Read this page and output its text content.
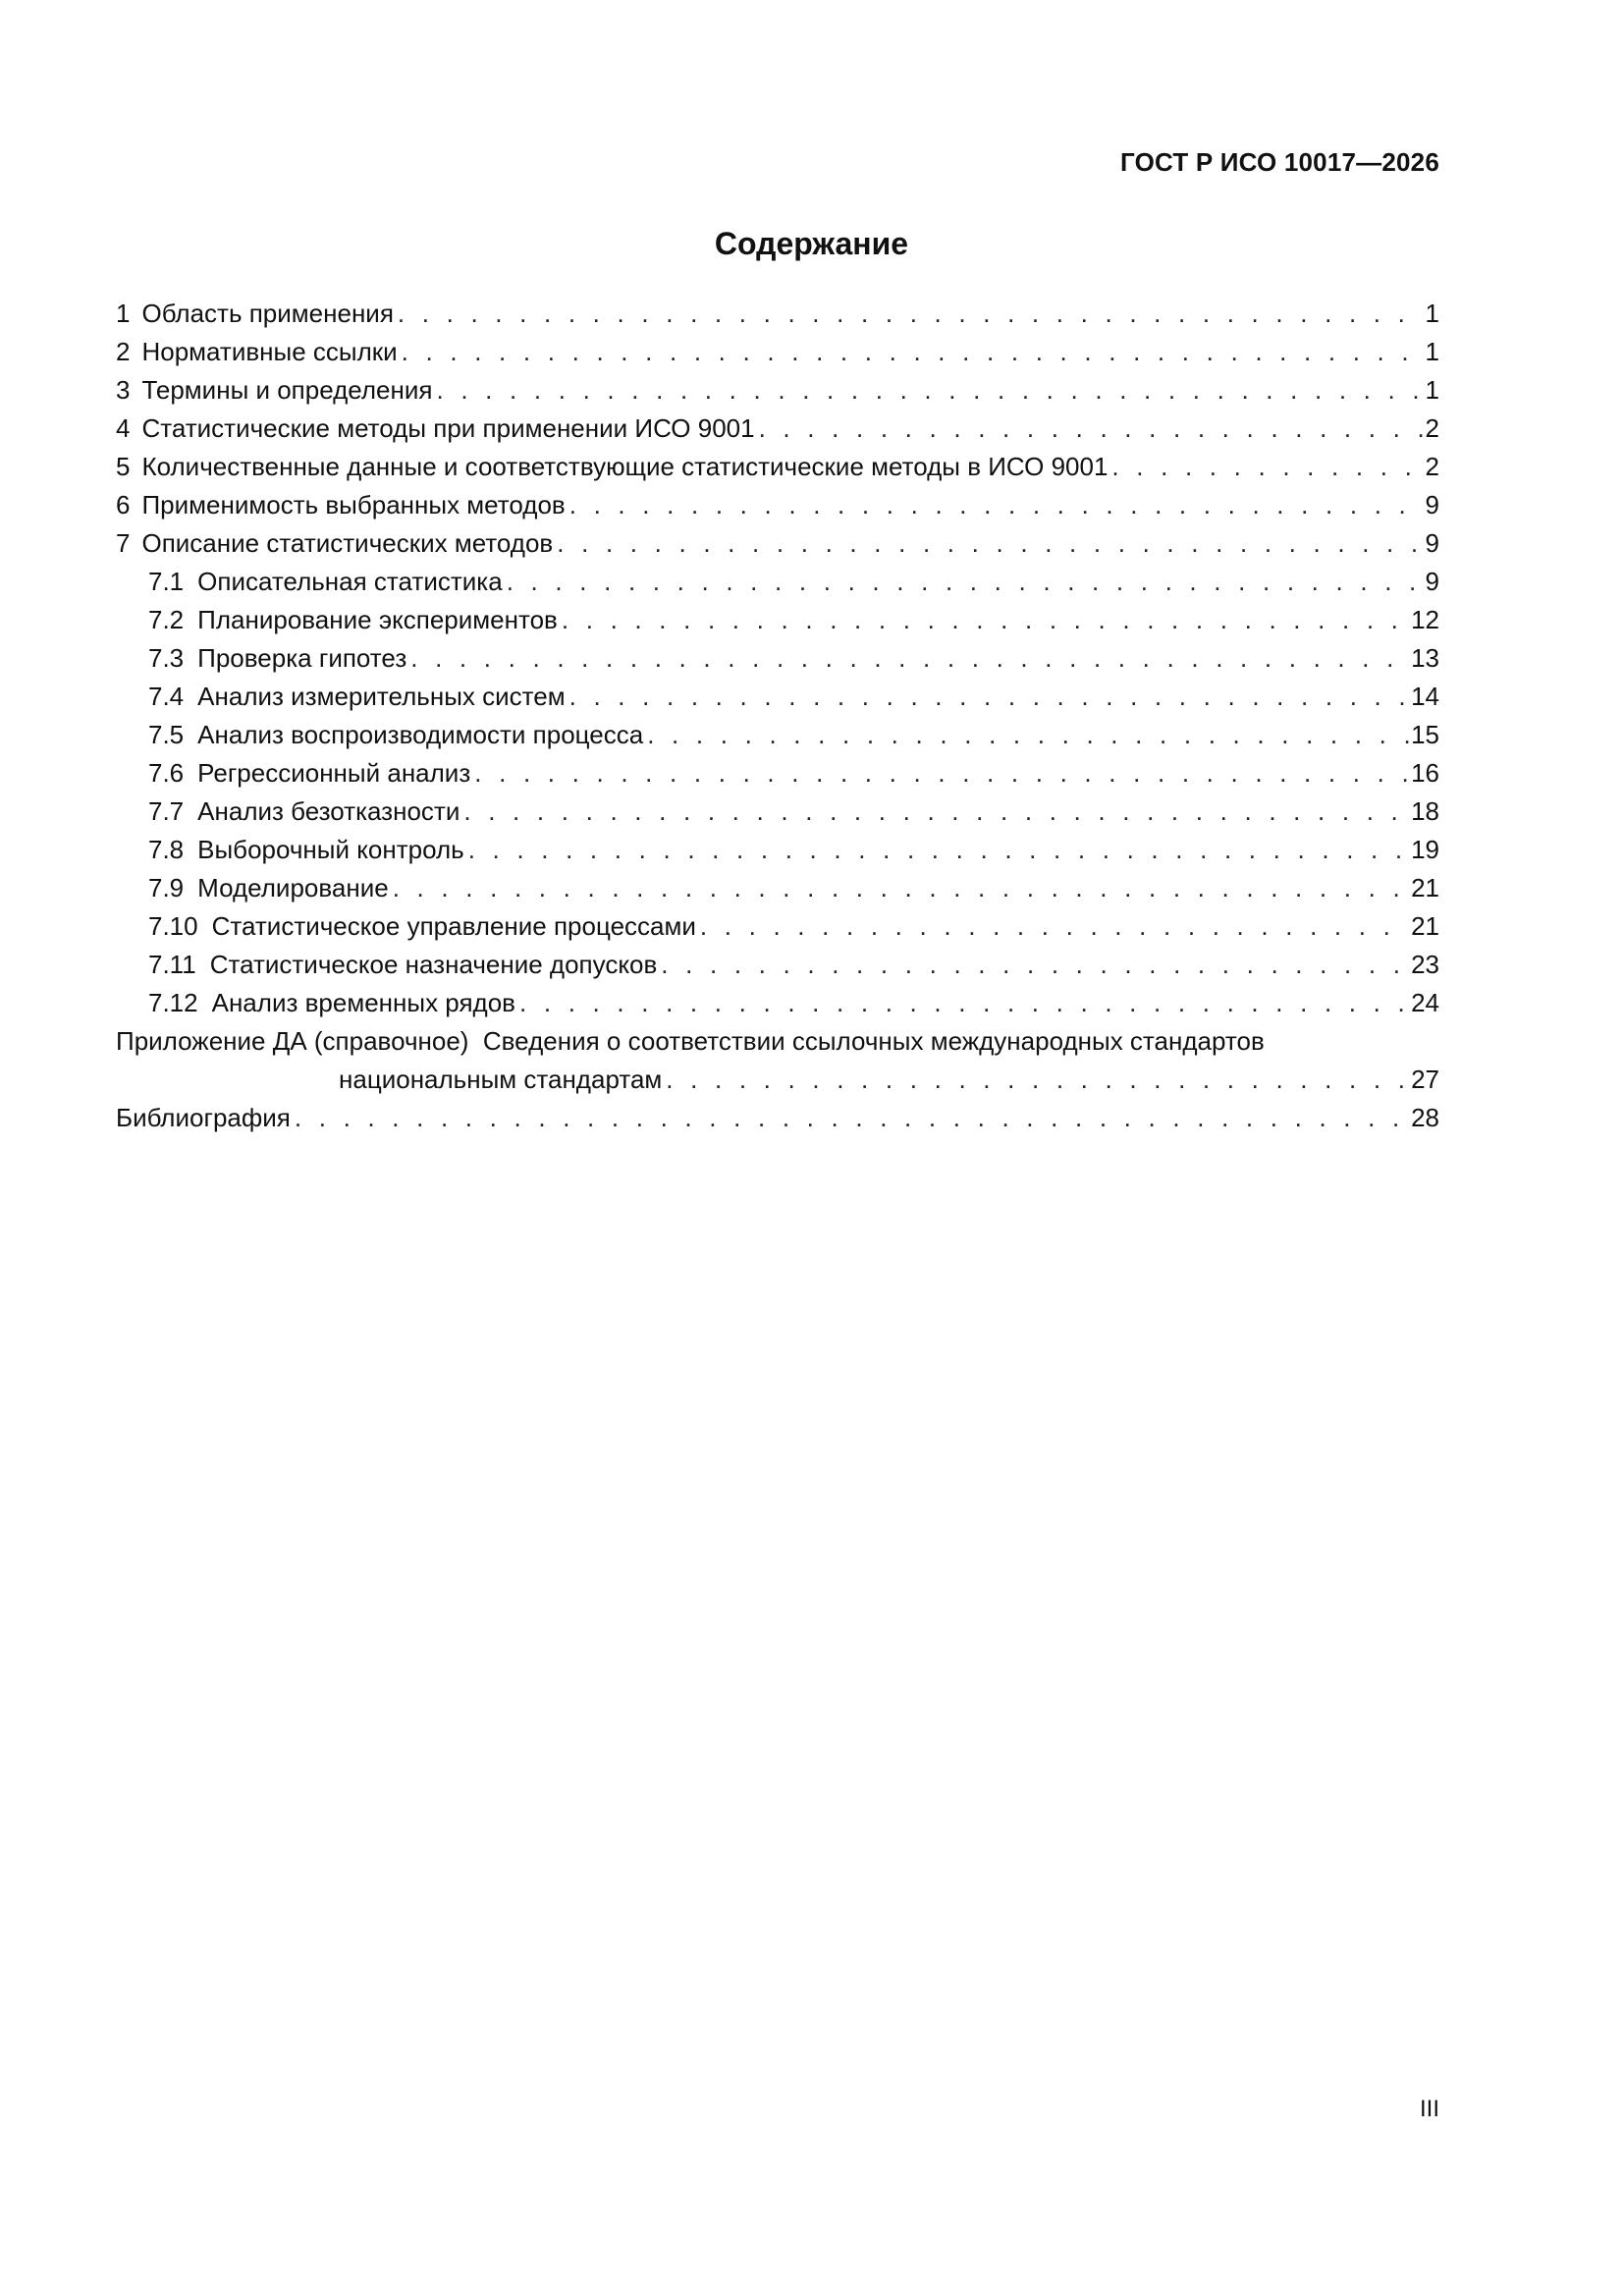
ГОСТ Р ИСО 10017—2026
Содержание
1 Область применения . . .	1
2 Нормативные ссылки . . .	1
3 Термины и определения . . .	1
4 Статистические методы при применении ИСО 9001 . . .	2
5 Количественные данные и соответствующие статистические методы в ИСО 9001 . . .	2
6 Применимость выбранных методов . . .	9
7 Описание статистических методов . . .	9
7.1 Описательная статистика . . .	9
7.2 Планирование экспериментов . . .	12
7.3 Проверка гипотез . . .	13
7.4 Анализ измерительных систем . . .	14
7.5 Анализ воспроизводимости процесса . . .	15
7.6 Регрессионный анализ . . .	16
7.7 Анализ безотказности . . .	18
7.8 Выборочный контроль . . .	19
7.9 Моделирование . . .	21
7.10 Статистическое управление процессами . . .	21
7.11 Статистическое назначение допусков . . .	23
7.12 Анализ временных рядов . . .	24
Приложение ДА (справочное)  Сведения о соответствии ссылочных международных стандартов
национальным стандартам . . .	27
Библиография . . .	28
III
